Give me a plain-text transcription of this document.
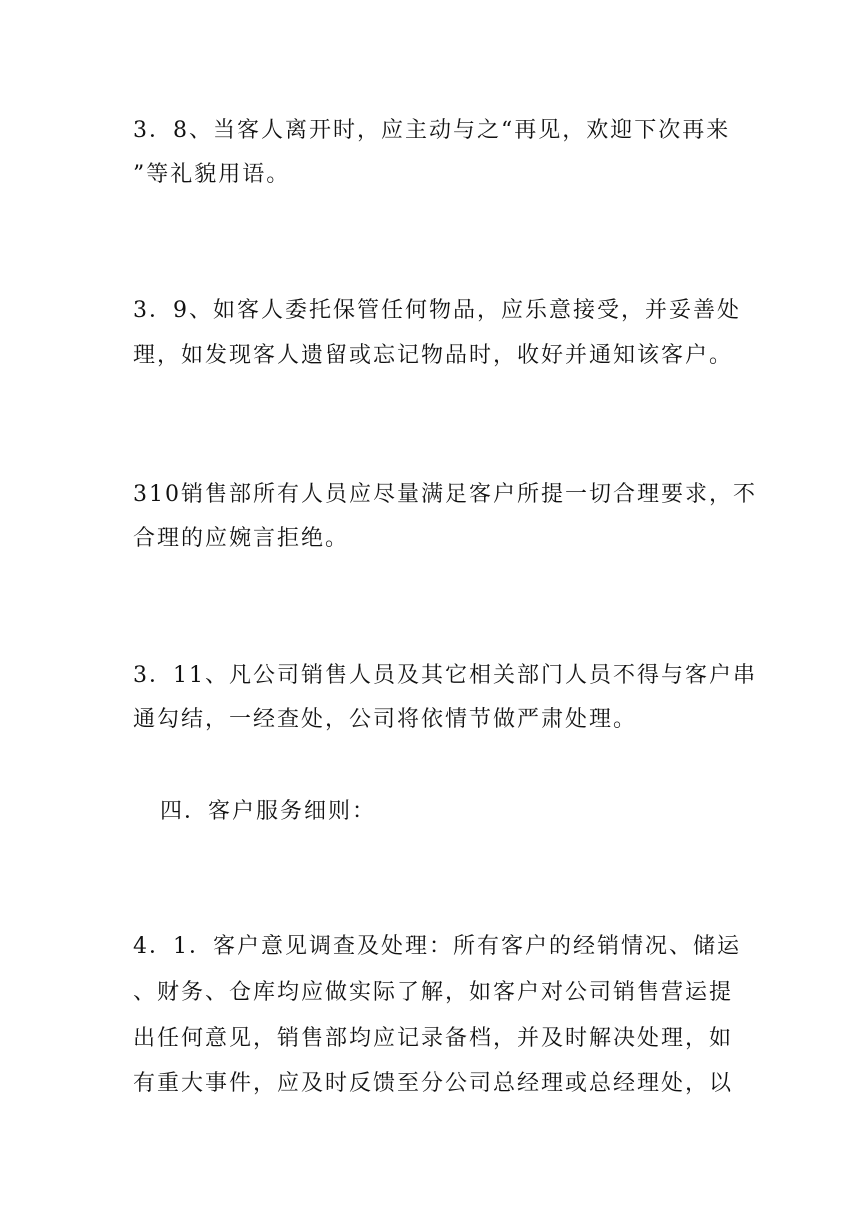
3．8、当客人离开时，应主动与之“再见，欢迎下次再来
”等礼貌用语。
3．9、如客人委托保管任何物品，应乐意接受，并妥善处
理，如发现客人遗留或忘记物品时，收好并通知该客户。
310销售部所有人员应尽量满足客户所提一切合理要求，不
合理的应婉言拒绝。
3．11、凡公司销售人员及其它相关部门人员不得与客户串
通勾结，一经查处，公司将依情节做严肃处理。
四．客户服务细则：
4．1．客户意见调查及处理：所有客户的经销情况、储运
、财务、仓库均应做实际了解，如客户对公司销售营运提
出任何意见，销售部均应记录备档，并及时解决处理，如
有重大事件，应及时反馈至分公司总经理或总经理处，以
